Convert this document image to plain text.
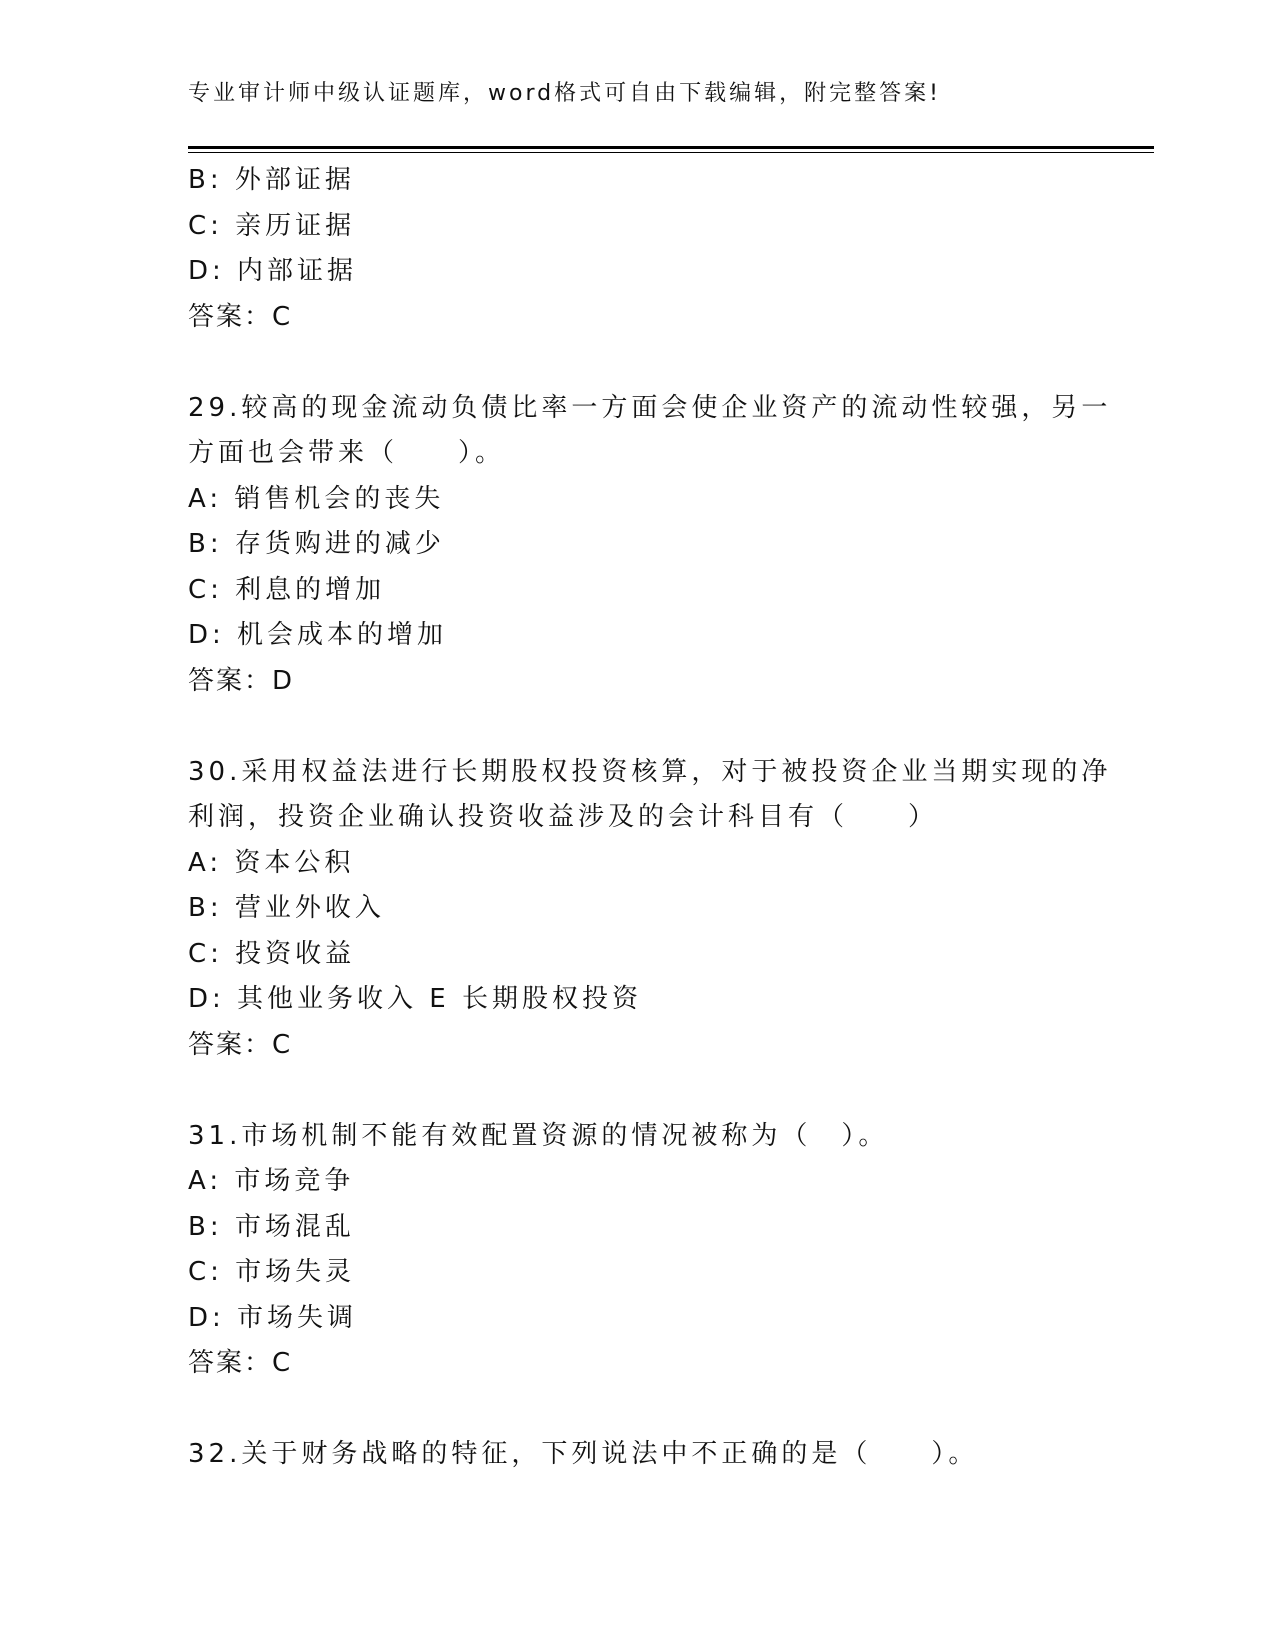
专业审计师中级认证题库，word格式可自由下载编辑，附完整答案!
B: 外部证据
C: 亲历证据
D: 内部证据
答案：C
29.较高的现金流动负债比率一方面会使企业资产的流动性较强，另一
方面也会带来（　　）。
A: 销售机会的丧失
B: 存货购进的减少
C: 利息的增加
D: 机会成本的增加
答案：D
30.采用权益法进行长期股权投资核算，对于被投资企业当期实现的净
利润，投资企业确认投资收益涉及的会计科目有（　　）
A: 资本公积
B: 营业外收入
C: 投资收益
D: 其他业务收入 E 长期股权投资
答案：C
31.市场机制不能有效配置资源的情况被称为（　）。
A: 市场竞争
B: 市场混乱
C: 市场失灵
D: 市场失调
答案：C
32.关于财务战略的特征，下列说法中不正确的是（　　）。
